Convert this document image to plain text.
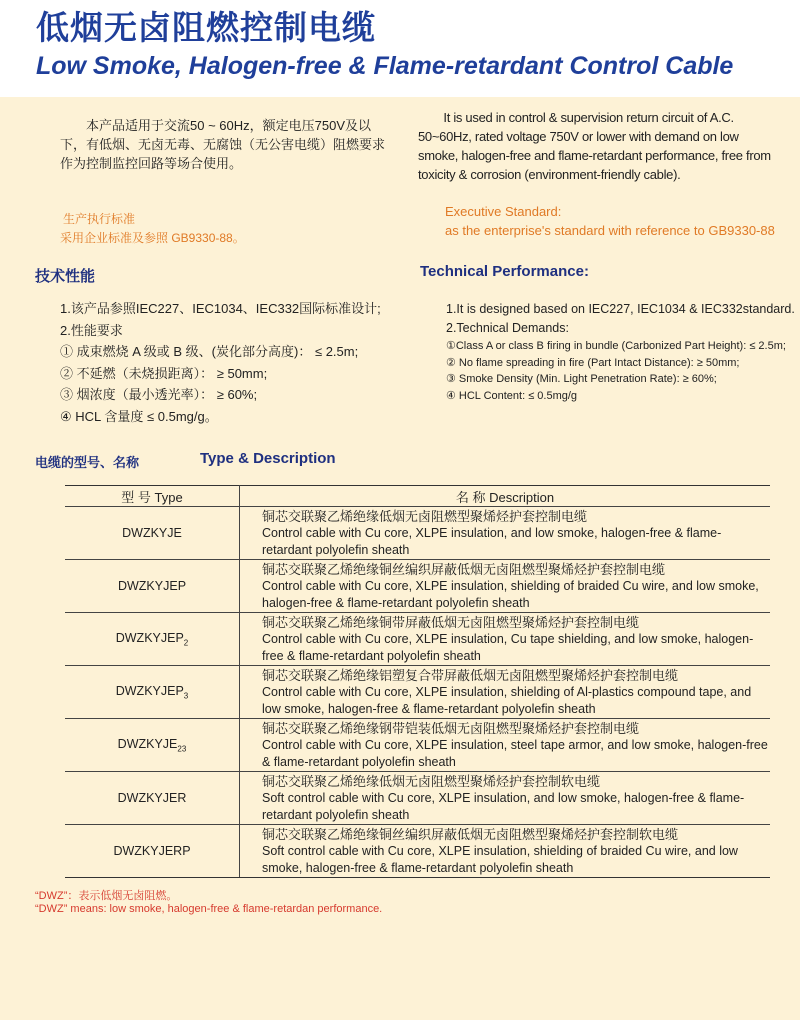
低烟无卤阻燃控制电缆
Low Smoke, Halogen-free & Flame-retardant Control Cable
　　本产品适用于交流50 ~ 60Hz，额定电压750V及以下，有低烟、无卤无毒、无腐蚀（无公害电缆）阻燃要求作为控制监控回路等场合使用。
　　It is used in control & supervision return circuit of A.C. 50~60Hz, rated voltage 750V or lower with demand on low smoke, halogen-free and flame-retardant performance, free from toxicity & corrosion (environment-friendly cable).
生产执行标准
采用企业标准及参照 GB9330-88。
Executive Standard:
as the enterprise's standard with reference to GB9330-88
技术性能	Technical Performance:
1.该产品参照IEC227、IEC1034、IEC332国际标准设计;
2.性能要求
① 成束燃烧 A 级或 B 级、(炭化部分高度)： ≤ 2.5m;
② 不延燃（未烧损距离）： ≥ 50mm;
③ 烟浓度（最小透光率）： ≥ 60%;
④ HCL 含量度 ≤ 0.5mg/g。
1.It is designed based on IEC227, IEC1034 & IEC332standard.
2.Technical Demands:
①Class A or class B firing in bundle (Carbonized Part Height): ≤ 2.5m;
② No flame spreading in fire (Part Intact Distance): ≥ 50mm;
③ Smoke Density (Min. Light Penetration Rate): ≥ 60%;
④ HCL Content: ≤ 0.5mg/g
电缆的型号、名称	Type & Description
型 号 Type	名 称 Description
DWZKYJE	铜芯交联聚乙烯绝缘低烟无卤阻燃型聚烯烃护套控制电缆
Control cable with Cu core, XLPE insulation, and low smoke, halogen-free & flame-retardant polyolefin sheath

DWZKYJEP	铜芯交联聚乙烯绝缘铜丝编织屏蔽低烟无卤阻燃型聚烯烃护套控制电缆
Control cable with Cu core, XLPE insulation, shielding of braided Cu wire, and low smoke, halogen-free & flame-retardant polyolefin sheath

$DWZKYJEP_2$	铜芯交联聚乙烯绝缘铜带屏蔽低烟无卤阻燃型聚烯烃护套控制电缆
Control cable with Cu core, XLPE insulation, Cu tape shielding, and low smoke, halogen-free & flame-retardant polyolefin sheath

$DWZKYJEP_3$	铜芯交联聚乙烯绝缘铝塑复合带屏蔽低烟无卤阻燃型聚烯烃护套控制电缆
Control cable with Cu core, XLPE insulation, shielding of Al-plastics compound tape, and low smoke, halogen-free & flame-retardant polyolefin sheath

$DWZKYJE_{23}$	铜芯交联聚乙烯绝缘钢带铠装低烟无卤阻燃型聚烯烃护套控制电缆
Control cable with Cu core, XLPE insulation, steel tape armor, and low smoke, halogen-free & flame-retardant polyolefin sheath

DWZKYJER	铜芯交联聚乙烯绝缘低烟无卤阻燃型聚烯烃护套控制软电缆
Soft control cable with Cu core, XLPE insulation, and low smoke, halogen-free & flame-retardant polyolefin sheath

DWZKYJERP	铜芯交联聚乙烯绝缘铜丝编织屏蔽低烟无卤阻燃型聚烯烃护套控制软电缆
Soft control cable with Cu core, XLPE insulation, shielding of braided Cu wire, and low smoke, halogen-free & flame-retardant polyolefin sheath
“DWZ”：表示低烟无卤阻燃。
“DWZ” means: low smoke, halogen-free & flame-retardan performance.
